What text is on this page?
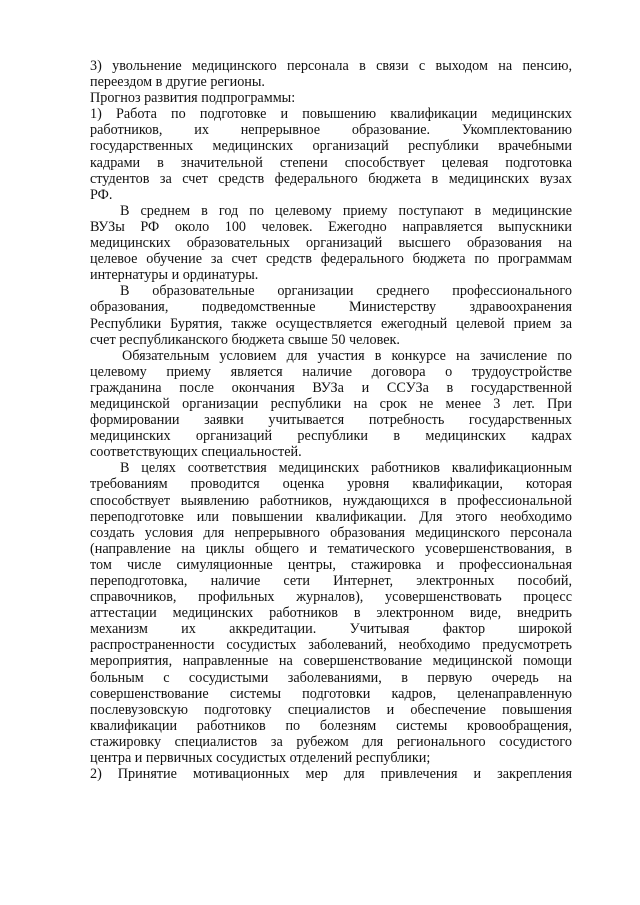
3) увольнение медицинского персонала в связи с выходом на пенсию,
переездом в другие регионы.
Прогноз развития подпрограммы:
1) Работа по подготовке и повышению квалификации медицинских
работников, их непрерывное образование. Укомплектованию
государственных медицинских организаций республики врачебными
кадрами в значительной степени способствует целевая подготовка
студентов за счет средств федерального бюджета в медицинских вузах
РФ.
В среднем в год по целевому приему поступают в медицинские
ВУЗы РФ около 100 человек. Ежегодно направляется выпускники
медицинских образовательных организаций высшего образования на
целевое обучение за счет средств федерального бюджета по программам
интернатуры и ординатуры.
В образовательные организации среднего профессионального
образования, подведомственные Министерству здравоохранения
Республики Бурятия, также осуществляется ежегодный целевой прием за
счет республиканского бюджета свыше 50 человек.
Обязательным условием для участия в конкурсе на зачисление по
целевому приему является наличие договора о трудоустройстве
гражданина после окончания ВУЗа и ССУЗа в государственной
медицинской организации республики на срок не менее 3 лет. При
формировании заявки учитывается потребность государственных
медицинских организаций республики в медицинских кадрах
соответствующих специальностей.
В целях соответствия медицинских работников квалификационным
требованиям проводится оценка уровня квалификации, которая
способствует выявлению работников, нуждающихся в профессиональной
переподготовке или повышении квалификации. Для этого необходимо
создать условия для непрерывного образования медицинского персонала
(направление на циклы общего и тематического усовершенствования, в
том числе симуляционные центры, стажировка и профессиональная
переподготовка, наличие сети Интернет, электронных пособий,
справочников, профильных журналов), усовершенствовать процесс
аттестации медицинских работников в электронном виде, внедрить
механизм их аккредитации. Учитывая фактор широкой
распространенности сосудистых заболеваний, необходимо предусмотреть
мероприятия, направленные на совершенствование медицинской помощи
больным с сосудистыми заболеваниями, в первую очередь на
совершенствование системы подготовки кадров, целенаправленную
послевузовскую подготовку специалистов и обеспечение повышения
квалификации работников по болезням системы кровообращения,
стажировку специалистов за рубежом для регионального сосудистого
центра и первичных сосудистых отделений республики;
2) Принятие мотивационных мер для привлечения и закрепления
